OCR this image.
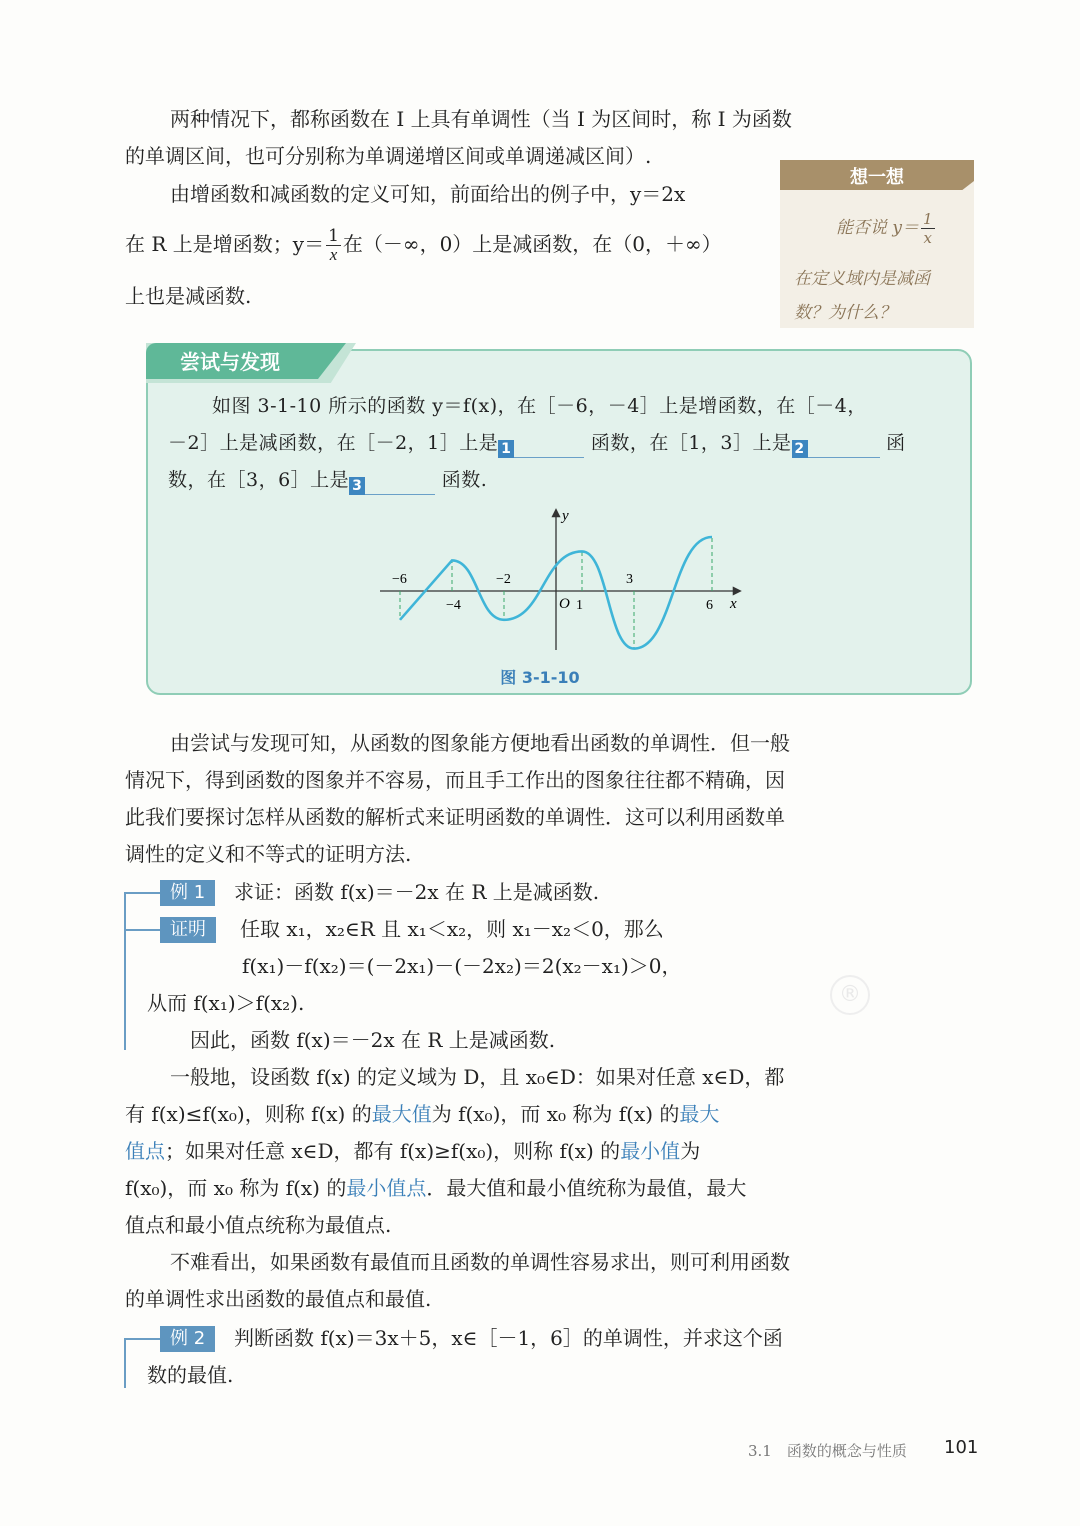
两种情况下，都称函数在 I 上具有单调性（当 I 为区间时，称 I 为函数

的单调区间，也可分别称为单调递增区间或单调递减区间）.

由增函数和减函数的定义可知，前面给出的例子中，y＝2x

在 R 上是增函数；$y= \frac{1}{x}$ 在（－∞，0）上是减函数，在（0，＋∞）

上也是减函数.

想一想
能否说 $y= \frac{1}{x}$
在定义域内是减函
数？为什么？
尝试与发现
如图 3-1-10 所示的函数 y＝f(x)，在［－6，－4］上是增函数，在［－4，
－2］上是减函数，在［－2，1］上是 1	函数，在［1，3］上是 2	函
数，在［3，6］上是 3	函数.
y
x
O
−6	−2	3
−4	1	6
图 3-1-10

由尝试与发现可知，从函数的图象能方便地看出函数的单调性．但一般

情况下，得到函数的图象并不容易，而且手工作出的图象往往都不精确，因

此我们要探讨怎样从函数的解析式来证明函数的单调性．这可以利用函数单

调性的定义和不等式的证明方法.

例 1	求证：函数 f(x)＝－2x 在 R 上是减函数.

证明	任取 x₁，x₂∈R 且 x₁＜x₂，则 x₁－x₂＜0，那么

f(x₁)－f(x₂)＝(－2x₁)－(－2x₂)＝2(x₂－x₁)＞0，

从而 f(x₁)＞f(x₂).

因此，函数 f(x)＝－2x 在 R 上是减函数.

®

一般地，设函数 f(x) 的定义域为 D，且 x₀∈D：如果对任意 x∈D，都

有 f(x)≤f(x₀)，则称 f(x) 的最大值为 f(x₀)，而 x₀ 称为 f(x) 的最大

值点；如果对任意 x∈D，都有 f(x)≥f(x₀)，则称 f(x) 的最小值为

f(x₀)，而 x₀ 称为 f(x) 的最小值点．最大值和最小值统称为最值，最大

值点和最小值点统称为最值点.

不难看出，如果函数有最值而且函数的单调性容易求出，则可利用函数

的单调性求出函数的最值点和最值.

例 2	判断函数 f(x)＝3x＋5，x∈［－1，6］的单调性，并求这个函

数的最值.

3.1　函数的概念与性质 101
